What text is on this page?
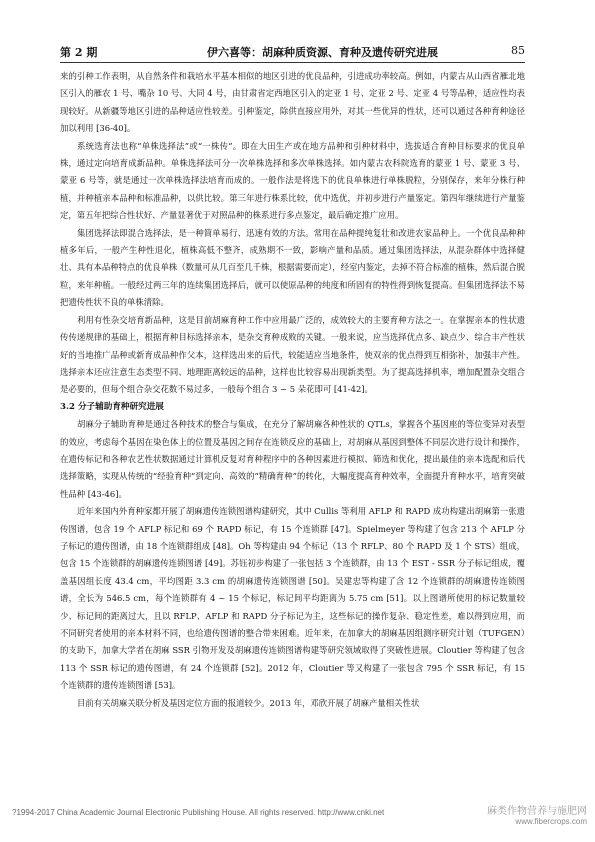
第 2 期	伊六喜等：胡麻种质资源、育种及遗传研究进展	85

来的引种工作表明，从自然条件和栽培水平基本相似的地区引进的优良品种，引进成功率较高。例如，内蒙古从山西省雁北地区引入的雁农 1 号、嘴杂 10 号、大同 4 号，由甘肃省定西地区引入的定亚 1 号、定亚 2 号、定亚 4 号等品种，适应性均表现较好。从新疆等地区引进的品种适应性较差。引种鉴定，除供直接应用外，对其一些优异的性状，还可以通过各种育种途径加以利用 [36-40]。

系统选育法也称“单株选择法”或“一株传”。即在大田生产或在地方品种和引种材料中，选拔适合育种目标要求的优良单株，通过定向培育成新品种。单株选择法可分一次单株选择和多次单株选择。如内蒙古农科院选育的蒙亚 1 号、蒙亚 3 号、蒙亚 6 号等，就是通过一次单株选择法培育而成的。一般作法是将选下的优良单株进行单株脱粒，分别保存，来年分株行种植，并种植亲本品种和标准品种，以供比较。第三年进行株系比较，优中选优，并初步进行产量鉴定。第四年继续进行产量鉴定，第五年把综合性状好、产量显著优于对照品种的株系进行多点鉴定，最后确定推广应用。

集团选择法即混合选择法，是一种简单易行、迅速有效的方法。常用在品种提纯复壮和改进农家品种上。一个优良品种种植多年后，一般产生种性退化，植株高低不整齐，成熟期不一致，影响产量和品质。通过集团选择法，从混杂群体中选择健壮、具有本品种特点的优良单株（数量可从几百至几千株，根据需要而定），经室内鉴定，去掉不符合标准的植株，然后混合脱粒，来年种植。一般经过两三年的连续集团选择后，就可以使原品种的纯度和所固有的特性得到恢复提高。但集团选择法不易把遗传性状不良的单株清除。

利用有性杂交培育新品种，这是目前胡麻育种工作中应用最广泛的，成效较大的主要育种方法之一。在掌握亲本的性状遗传传递规律的基础上，根据育种目标选择亲本，是杂交育种成败的关键。一般来说，应当选择优点多、缺点少、综合丰产性状好的当地推广品种或新育成品种作父本，这样选出来的后代，较能适应当地条件，使双亲的优点得到互相弥补，加强丰产性。选择亲本还应注意生态类型不同、地理距离较远的品种，这样也比较容易出现新类型。为了提高选择机率，增加配置杂交组合是必要的，但每个组合杂交花数不易过多，一般每个组合 3 ~ 5 朵花即可 [41-42]。

3.2 分子辅助育种研究进展

胡麻分子辅助育种是通过各种技术的整合与集成，在充分了解胡麻各种性状的 QTLs，掌握各个基因座的等位变异对表型的效应，考虑每个基因在染色体上的位置及基因之间存在连锁反应的基础上，对胡麻从基因到整体不同层次进行设计和操作，在遗传标记和各种农艺性状数据通过计算机反复对育种程序中的各种因素进行模拟、筛选和优化，提出最佳的亲本选配和后代选择策略，实现从传统的“经验育种”到定向、高效的“精确育种”的转化，大幅度提高育种效率，全面提升育种水平，培育突破性品种 [43-46]。

近年来国内外育种家都开展了胡麻遗传连锁图谱构建研究，其中 Cullis 等利用 AFLP 和 RAPD 成功构建出胡麻第一张遗传图谱，包含 19 个 AFLP 标记和 69 个 RAPD 标记，有 15 个连锁群 [47]。Spielmeyer 等构建了包含 213 个 AFLP 分子标记的遗传图谱，由 18 个连锁群组成 [48]。Oh 等构建由 94 个标记（13 个 RFLP、80 个 RAPD 及 1 个 STS）组成，包含 15 个连锁群的胡麻遗传连锁图谱 [49]。苏钰初步构建了一张包括 3 个连锁群，由 13 个 EST - SSR 分子标记组成，覆盖基因组长度 43.4 cm，平均图距 3.3 cm 的胡麻遗传连锁图谱 [50]。吴建忠等构建了含 12 个连锁群的胡麻遗传连锁图谱，全长为 546.5 cm，每个连锁群有 4 ~ 15 个标记，标记间平均距离为 5.75 cm [51]。以上图谱所使用的标记数量较少、标记间的距离过大，且以 RFLP、AFLP 和 RAPD 分子标记为主，这些标记的操作复杂、稳定性差，难以得到应用，而不同研究者使用的亲本材料不同，也给遗传图谱的整合带来困难。近年来，在加拿大的胡麻基因组测序研究计划（TUFGEN）的支助下，加拿大学者在胡麻 SSR 引物开发及胡麻遗传连锁图谱构建等研究领域取得了突破性进展。Cloutier 等构建了包含 113 个 SSR 标记的遗传图谱，有 24 个连锁群 [52]。2012 年，Cloutier 等又构建了一张包含 795 个 SSR 标记，有 15 个连锁群的遗传连锁图谱 [53]。

目前有关胡麻关联分析及基因定位方面的报道较少。2013 年，邓欣开展了胡麻产量相关性状

?1994-2017 China Academic Journal Electronic Publishing House. All rights reserved. http://www.cnki.net	麻类作物营养与施肥网
www.fibercrops.com
